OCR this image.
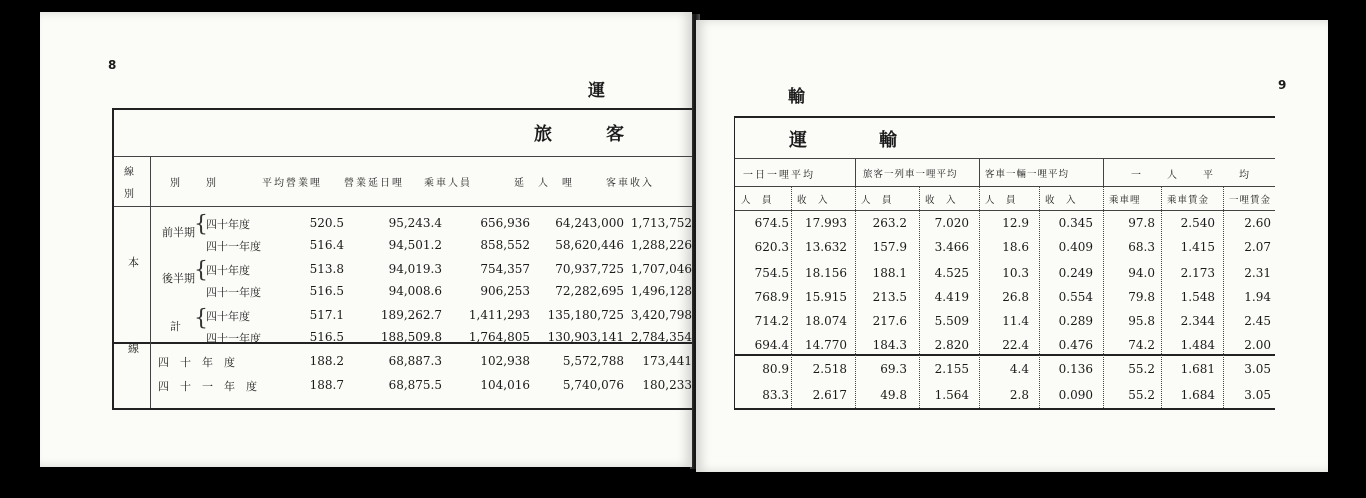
8
運
旅　　　客
線
別
別　　別	平均營業哩 營業延日哩 乘車人員	延　人　哩	客車收入
本
線
前半期 {
後半期 {
計 {
四十年度	520.5	95,243.4	656,936 64,243,000 1,713,752
四十一年度	516.4	94,501.2	858,552 58,620,446 1,288,226
四十年度	513.8	94,019.3	754,357 70,937,725 1,707,046
四十一年度	516.5	94,008.6	906,253 72,282,695 1,496,128
四十年度	517.1	189,262.7 1,411,293 135,180,725 3,420,798
四十一年度	516.5	188,509.8 1,764,805 130,903,141 2,784,354
四　十　年　度	188.2	68,887.3	102,938	5,572,788 173,441
四　十　一　年　度	188.7	68,875.5	104,016	5,740,076 180,233
輸
9
運　　　　輸
一日一哩平均	旅客一列車一哩平均	客車一輛一哩平均	一　　人　　平　　均
人　員	收　入	人　員	收　入	人　員	收　入	乘車哩	乘車賃金 一哩賃金
674.5 17.993 263.2 7.020	12.9 0.345	97.8 2.540 2.60
620.3 13.632 157.9 3.466	18.6 0.409	68.3 1.415 2.07
754.5 18.156 188.1 4.525	10.3 0.249	94.0 2.173 2.31
768.9 15.915 213.5 4.419	26.8 0.554	79.8 1.548 1.94
714.2 18.074 217.6 5.509	11.4 0.289	95.8 2.344 2.45
694.4 14.770 184.3 2.820	22.4 0.476	74.2 1.484 2.00
80.9 2.518	69.3 2.155	4.4 0.136	55.2 1.681 3.05
83.3 2.617	49.8 1.564	2.8 0.090	55.2 1.684 3.05
